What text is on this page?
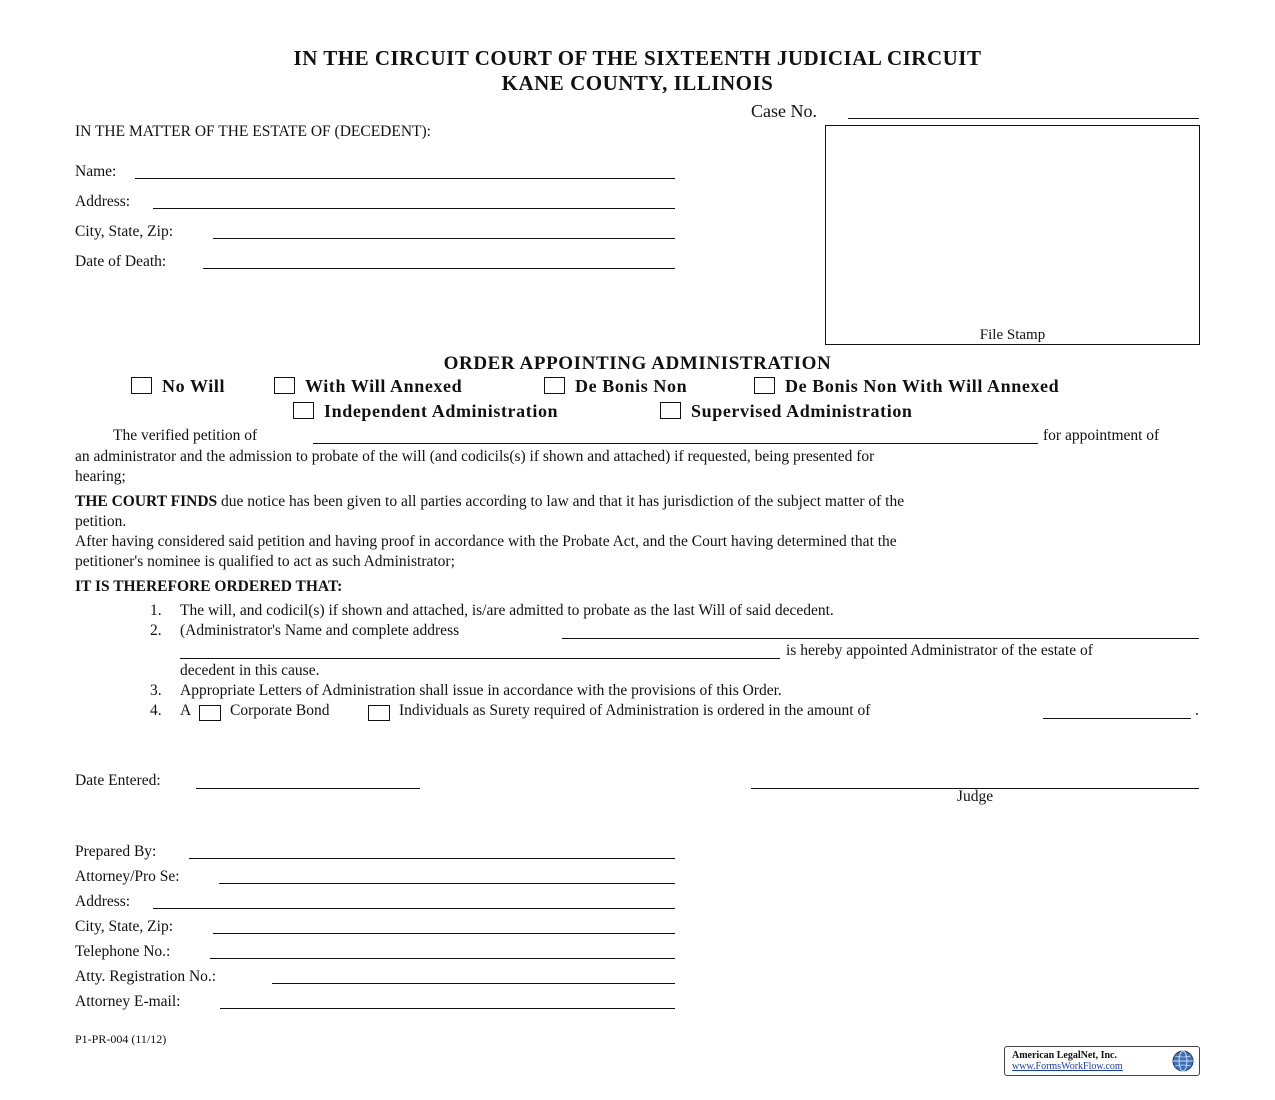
IN THE CIRCUIT COURT OF THE SIXTEENTH JUDICIAL CIRCUIT
KANE COUNTY, ILLINOIS
Case No.
IN THE MATTER OF THE ESTATE OF (DECEDENT):
Name:
Address:
City, State, Zip:
Date of Death:
File Stamp
ORDER APPOINTING ADMINISTRATION
No Will	With Will Annexed	De Bonis Non	De Bonis Non With Will Annexed
Independent Administration	Supervised Administration
The verified petition of	for appointment of
an administrator and the admission to probate of the will (and codicils(s) if shown and attached) if requested, being presented for
hearing;
THE COURT FINDS due notice has been given to all parties according to law and that it has jurisdiction of the subject matter of the
petition.
After having considered said petition and having proof in accordance with the Probate Act, and the Court having determined that the
petitioner's nominee is qualified to act as such Administrator;
IT IS THEREFORE ORDERED THAT:
1. The will, and codicil(s) if shown and attached, is/are admitted to probate as the last Will of said decedent.
2. (Administrator's Name and complete address
is hereby appointed Administrator of the estate of
decedent in this cause.
3. Appropriate Letters of Administration shall issue in accordance with the provisions of this Order.
4. A	Corporate Bond	Individuals as Surety required of Administration is ordered in the amount of	.
Date Entered:
Judge
Prepared By:
Attorney/Pro Se:
Address:
City, State, Zip:
Telephone No.:
Atty. Registration No.:
Attorney E-mail:
P1-PR-004 (11/12)
American LegalNet, Inc.
www.FormsWorkFlow.com
